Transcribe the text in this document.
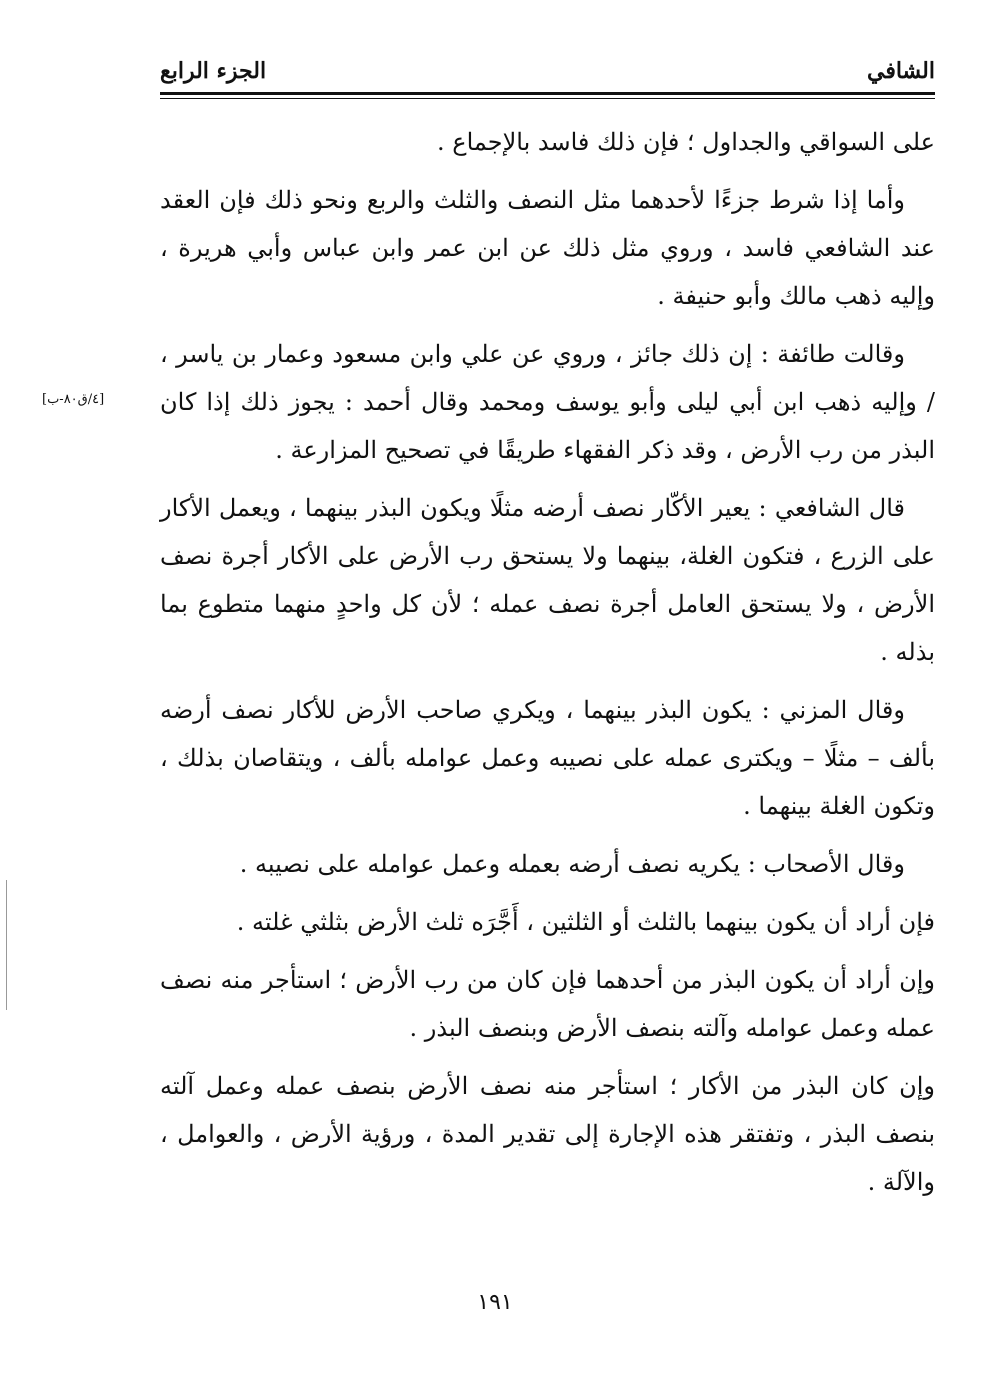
الشافي
الجزء الرابع
[٤/ق٨٠-ب]

على السواقي والجداول ؛ فإن ذلك فاسد بالإجماع .

وأما إذا شرط جزءًا لأحدهما مثل النصف والثلث والربع ونحو ذلك فإن العقد عند الشافعي فاسد ، وروي مثل ذلك عن ابن عمر وابن عباس وأبي هريرة ، وإليه ذهب مالك وأبو حنيفة .

وقالت طائفة : إن ذلك جائز ، وروي عن علي وابن مسعود وعمار بن ياسر ، / وإليه ذهب ابن أبي ليلى وأبو يوسف ومحمد وقال أحمد : يجوز ذلك إذا كان البذر من رب الأرض ، وقد ذكر الفقهاء طريقًا في تصحيح المزارعة .

قال الشافعي : يعير الأكّار نصف أرضه مثلًا ويكون البذر بينهما ، ويعمل الأكار على الزرع ، فتكون الغلة، بينهما ولا يستحق رب الأرض على الأكار أجرة نصف الأرض ، ولا يستحق العامل أجرة نصف عمله ؛ لأن كل واحدٍ منهما متطوع بما بذله .

وقال المزني : يكون البذر بينهما ، ويكري صاحب الأرض للأكار نصف أرضه بألف – مثلًا – ويكترى عمله على نصيبه وعمل عوامله بألف ، ويتقاصان بذلك ، وتكون الغلة بينهما .

وقال الأصحاب : يكريه نصف أرضه بعمله وعمل عوامله على نصيبه .

فإن أراد أن يكون بينهما بالثلث أو الثلثين ، أَجَّرَه ثلث الأرض بثلثي غلته .

وإن أراد أن يكون البذر من أحدهما فإن كان من رب الأرض ؛ استأجر منه نصف عمله وعمل عوامله وآلته بنصف الأرض وبنصف البذر .

وإن كان البذر من الأكار ؛ استأجر منه نصف الأرض بنصف عمله وعمل آلته بنصف البذر ، وتفتقر هذه الإجارة إلى تقدير المدة ، ورؤية الأرض ، والعوامل ، والآلة .

١٩١
